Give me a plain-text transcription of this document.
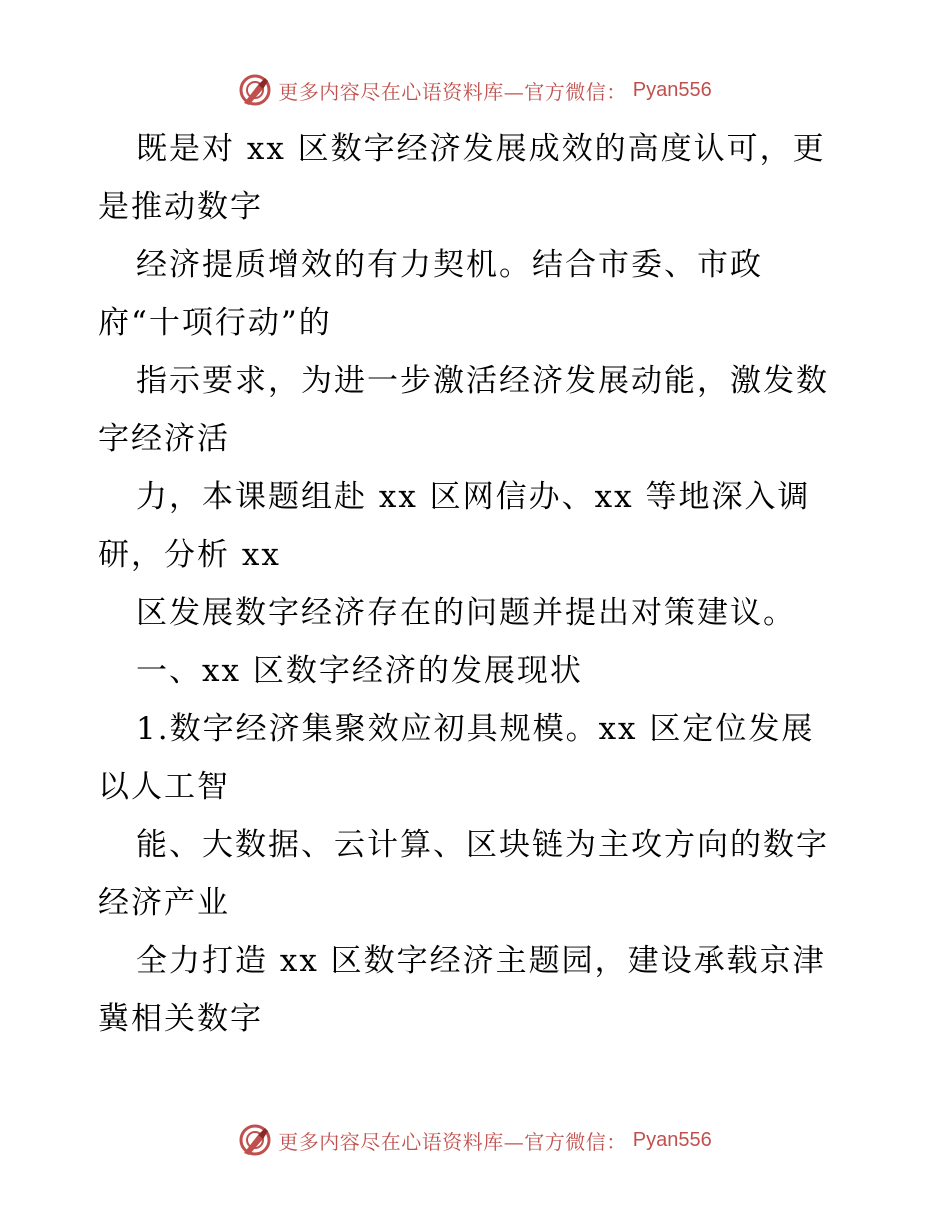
更多内容尽在心语资料库—官方微信： Pyan556
既是对 xx 区数字经济发展成效的高度认可，更
是推动数字
经济提质增效的有力契机。结合市委、市政
府“十项行动”的
指示要求，为进一步激活经济发展动能，激发数
字经济活
力，本课题组赴 xx 区网信办、xx 等地深入调
研，分析 xx
区发展数字经济存在的问题并提出对策建议。
一、xx 区数字经济的发展现状
1.数字经济集聚效应初具规模。xx 区定位发展
以人工智
能、大数据、云计算、区块链为主攻方向的数字
经济产业
全力打造 xx 区数字经济主题园，建设承载京津
冀相关数字
更多内容尽在心语资料库—官方微信： Pyan556
